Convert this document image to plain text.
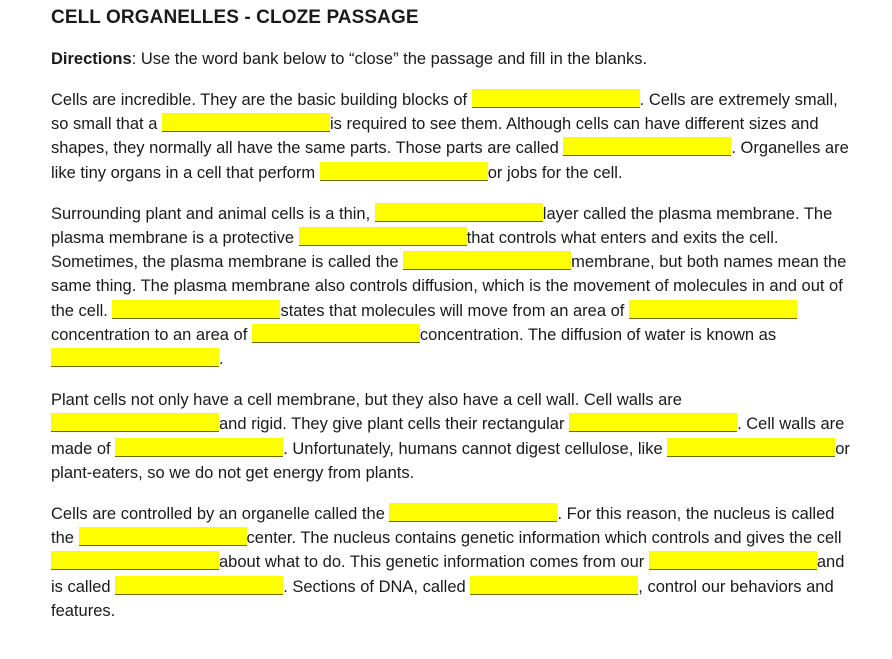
CELL ORGANELLES - CLOZE PASSAGE

Directions: Use the word bank below to “close” the passage and fill in the blanks.

Cells are incredible. They are the basic building blocks of	. Cells are extremely small, so small that a	is required to see them. Although cells can have different sizes and shapes, they normally all have the same parts. Those parts are called	. Organelles are like tiny organs in a cell that perform	or jobs for the cell.

Surrounding plant and animal cells is a thin,	layer called the plasma membrane. The plasma membrane is a protective	that controls what enters and exits the cell. Sometimes, the plasma membrane is called the	membrane, but both names mean the same thing. The plasma membrane also controls diffusion, which is the movement of molecules in and out of the cell.	states that molecules will move from an area of concentration to an area of	concentration. The diffusion of water is known as .

Plant cells not only have a cell membrane, but they also have a cell wall. Cell walls are and rigid. They give plant cells their rectangular	. Cell walls are made of	. Unfortunately, humans cannot digest cellulose, like	or plant-eaters, so we do not get energy from plants.

Cells are controlled by an organelle called the	. For this reason, the nucleus is called the	center. The nucleus contains genetic information which controls and gives the cell about what to do. This genetic information comes from our	and is called	. Sections of DNA, called	, control our behaviors and features.
